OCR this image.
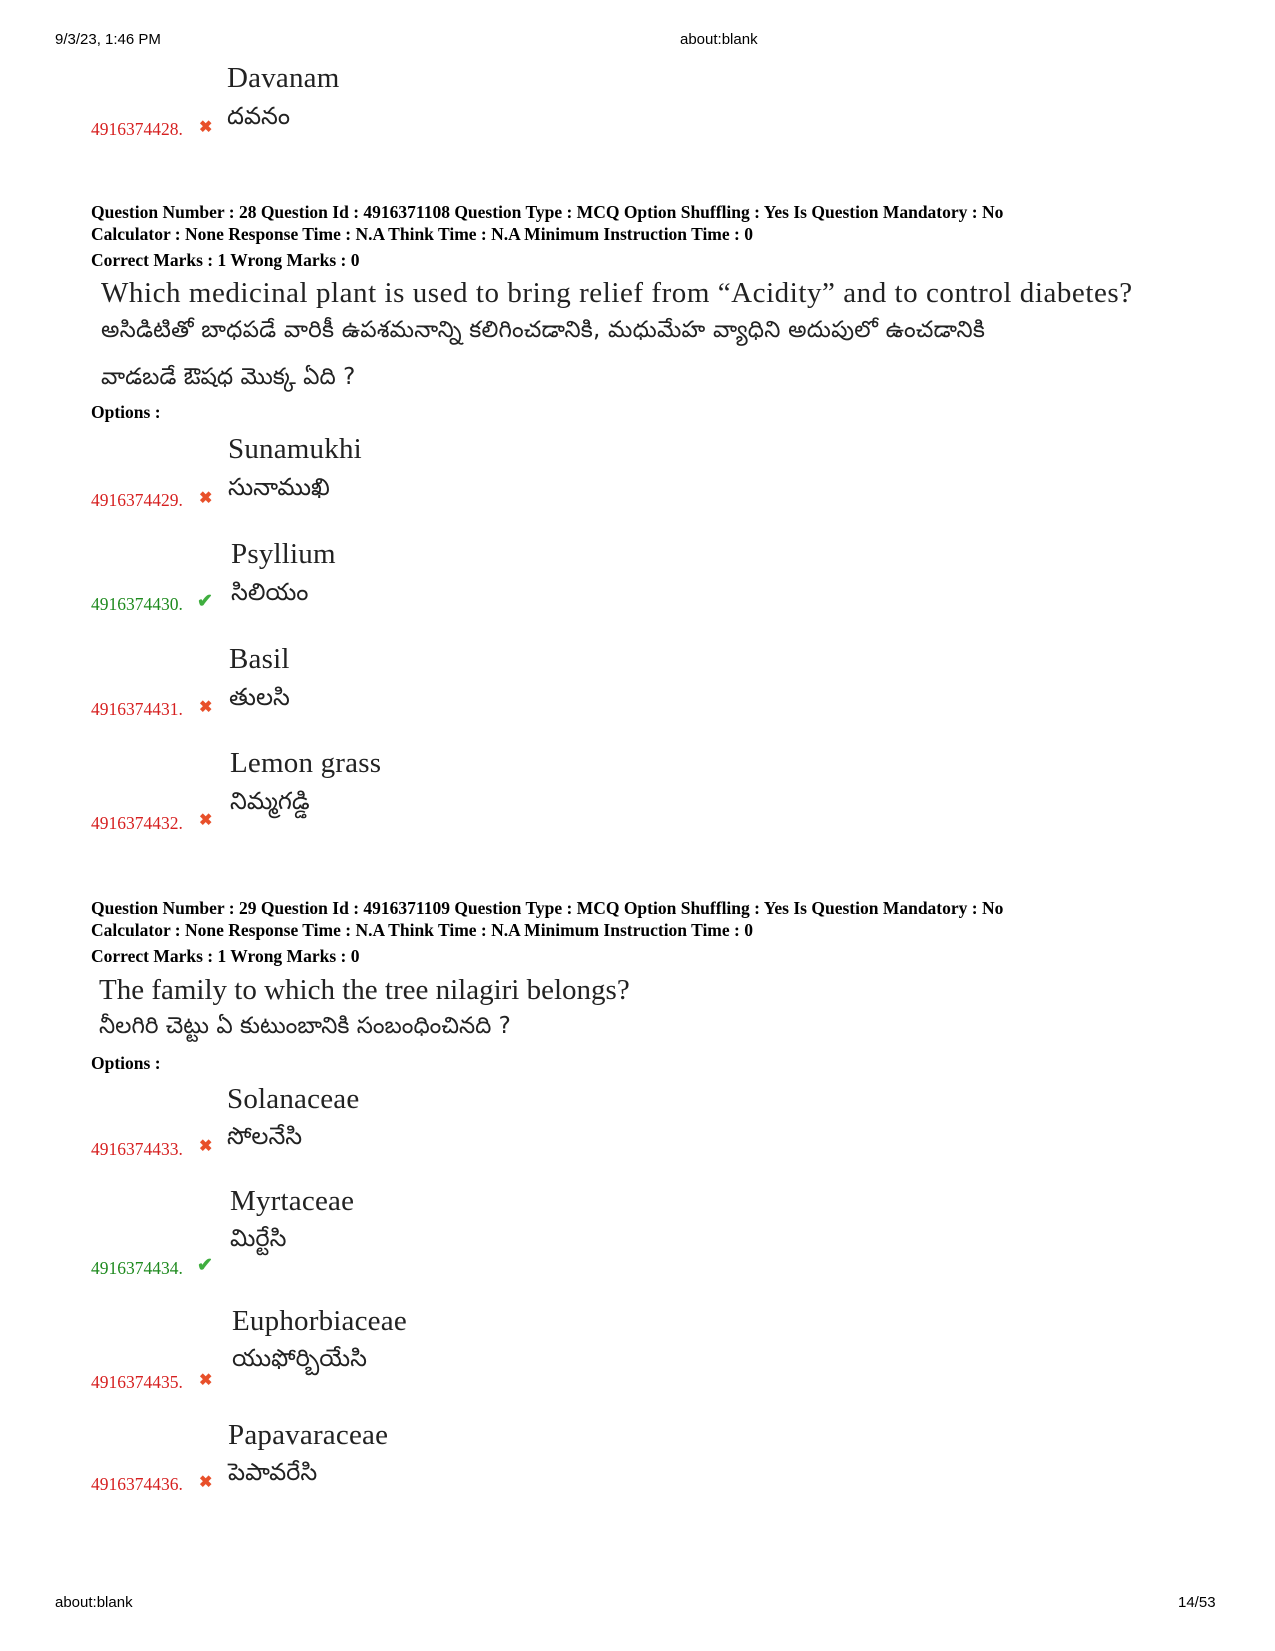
9/3/23, 1:46 PM	about:blank
Davanam
దవనం
4916374428. ✖
Question Number : 28 Question Id : 4916371108 Question Type : MCQ Option Shuffling : Yes Is Question Mandatory : No
Calculator : None Response Time : N.A Think Time : N.A Minimum Instruction Time : 0
Correct Marks : 1 Wrong Marks : 0
Which medicinal plant is used to bring relief from “Acidity” and to control diabetes?
అసిడిటితో బాధపడే వారికీ ఉపశమనాన్ని కలిగించడానికి, మధుమేహ వ్యాధిని అదుపులో ఉంచడానికి
వాడబడే ఔషధ మొక్క ఏది ?
Options :
Sunamukhi
సునాముఖి
4916374429. ✖
Psyllium
సిలియం
4916374430. ✔
Basil
తులసి
4916374431. ✖
Lemon grass
నిమ్మగడ్డి
4916374432. ✖
Question Number : 29 Question Id : 4916371109 Question Type : MCQ Option Shuffling : Yes Is Question Mandatory : No
Calculator : None Response Time : N.A Think Time : N.A Minimum Instruction Time : 0
Correct Marks : 1 Wrong Marks : 0
The family to which the tree nilagiri belongs?
నీలగిరి చెట్టు ఏ కుటుంబానికి సంబంధించినది ?
Options :
Solanaceae
సోలనేసి
4916374433. ✖
Myrtaceae
మిర్టేసి
4916374434. ✔
Euphorbiaceae
యుఫోర్బియేసి
4916374435. ✖
Papavaraceae
పెపావరేసి
4916374436. ✖
about:blank	14/53
